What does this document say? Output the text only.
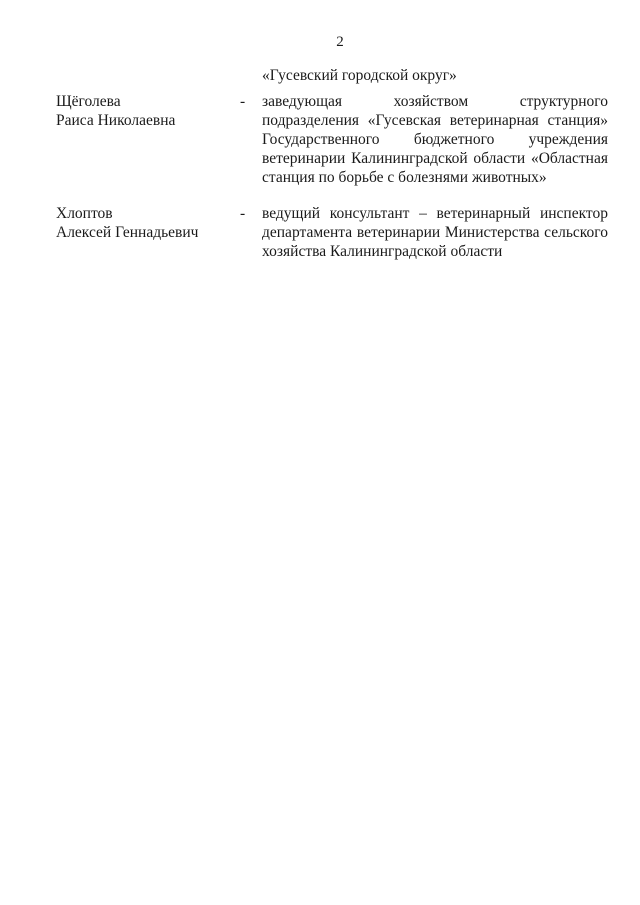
2
«Гусевский городской округ»
Щёголева
Раиса Николаевна
- заведующая хозяйством структурного подразделения «Гусевская ветеринарная станция» Государственного бюджетного учреждения ветеринарии Калининградской области «Областная станция по борьбе с болезнями животных»
Хлоптов
Алексей Геннадьевич
- ведущий консультант – ветеринарный инспектор департамента ветеринарии Министерства сельского хозяйства Калининградской области
